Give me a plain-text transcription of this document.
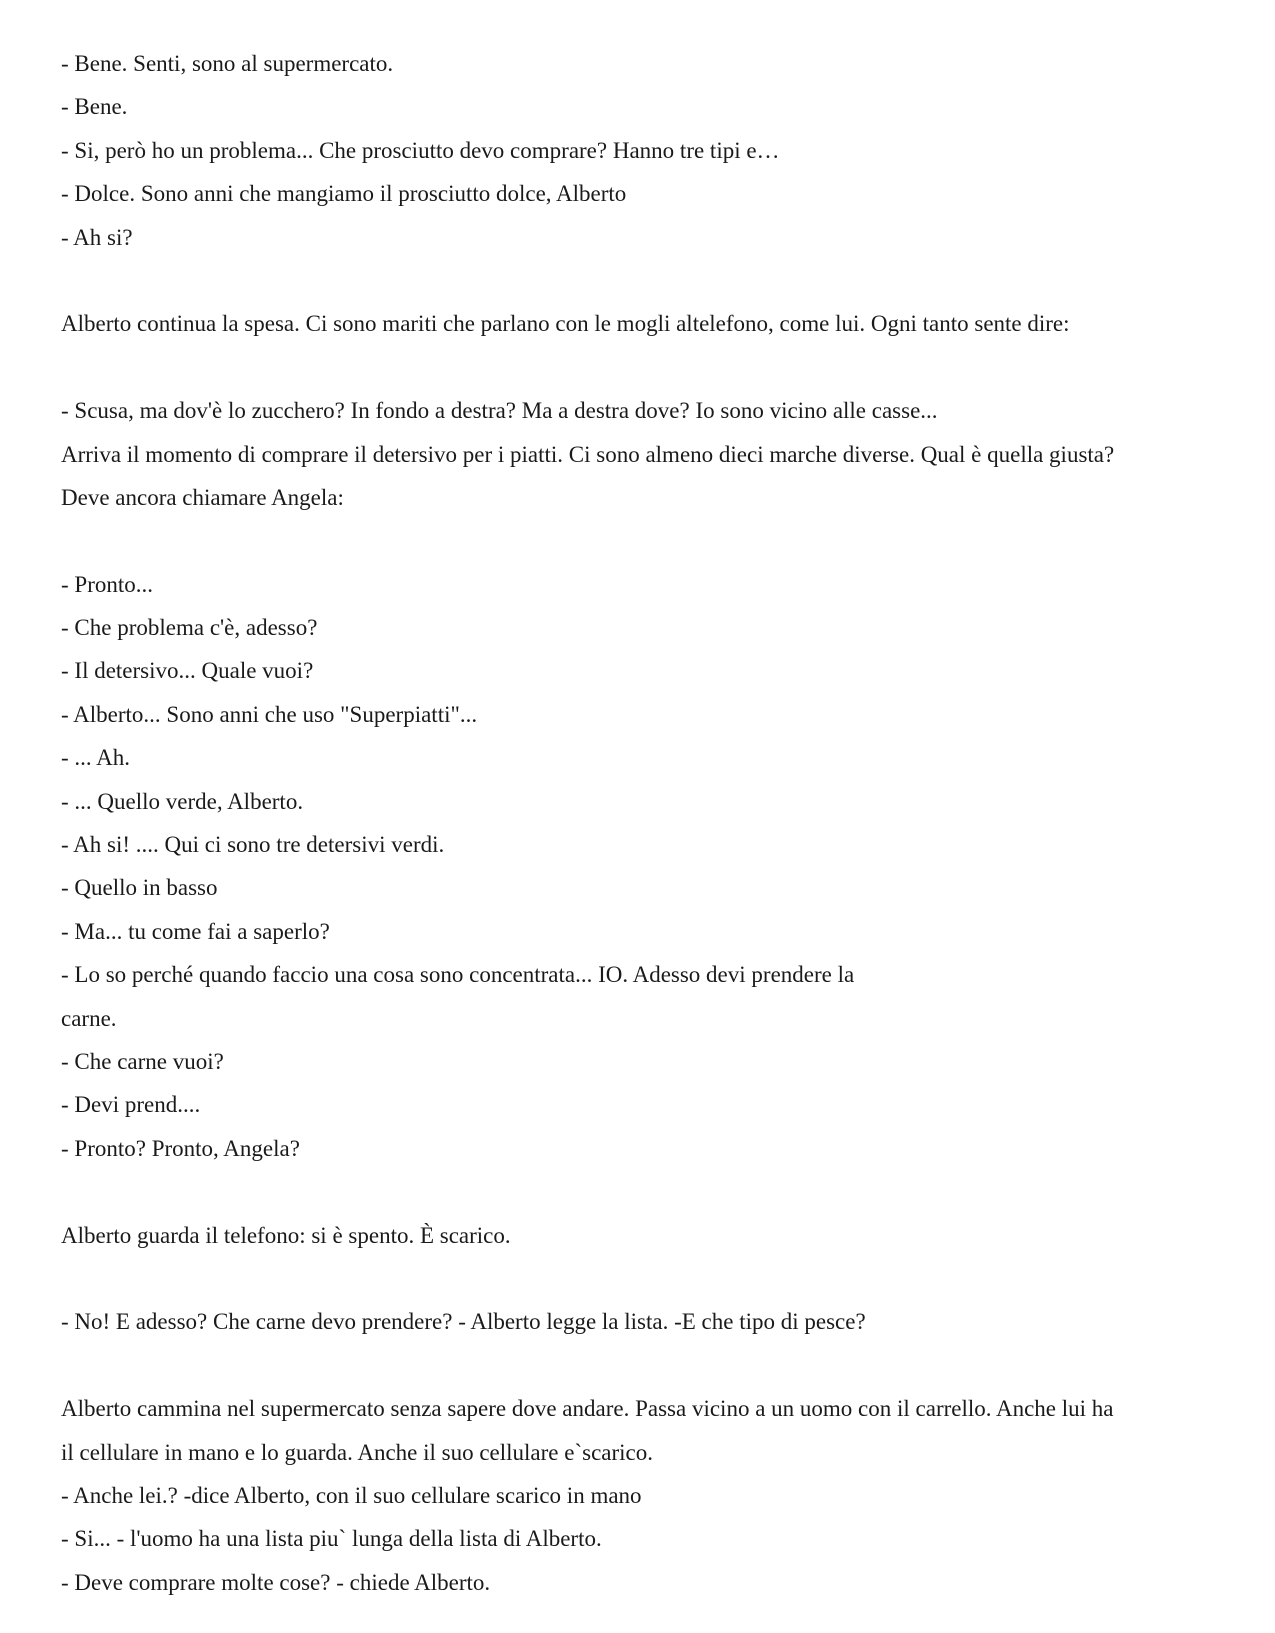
- Bene. Senti, sono al supermercato.
- Bene.
- Si, però ho un problema... Che prosciutto devo comprare? Hanno tre tipi e…
- Dolce. Sono anni che mangiamo il prosciutto dolce, Alberto
- Ah si?
Alberto continua la spesa. Ci sono mariti che parlano con le mogli altelefono, come lui. Ogni tanto sente dire:
- Scusa, ma dov'è lo zucchero? In fondo a destra? Ma a destra dove? Io sono vicino alle casse...
Arriva il momento di comprare il detersivo per i piatti. Ci sono almeno dieci marche diverse. Qual è quella giusta?
Deve ancora chiamare Angela:
- Pronto...
- Che problema c'è, adesso?
- Il detersivo... Quale vuoi?
- Alberto... Sono anni che uso "Superpiatti"...
- ... Ah.
- ... Quello verde, Alberto.
- Ah si! .... Qui ci sono tre detersivi verdi.
- Quello in basso
- Ma... tu come fai a saperlo?
- Lo so perché quando faccio una cosa sono concentrata... IO. Adesso devi prendere la
carne.
- Che carne vuoi?
- Devi prend....
- Pronto? Pronto, Angela?
Alberto guarda il telefono: si è spento. È scarico.
- No! E adesso? Che carne devo prendere? - Alberto legge la lista. -E che tipo di pesce?
Alberto cammina nel supermercato senza sapere dove andare. Passa vicino a un uomo con il carrello. Anche lui ha
il cellulare in mano e lo guarda. Anche il suo cellulare e`scarico.
- Anche lei.? -dice Alberto, con il suo cellulare scarico in mano
- Si... - l'uomo ha una lista piu` lunga della lista di Alberto.
- Deve comprare molte cose? - chiede Alberto.
